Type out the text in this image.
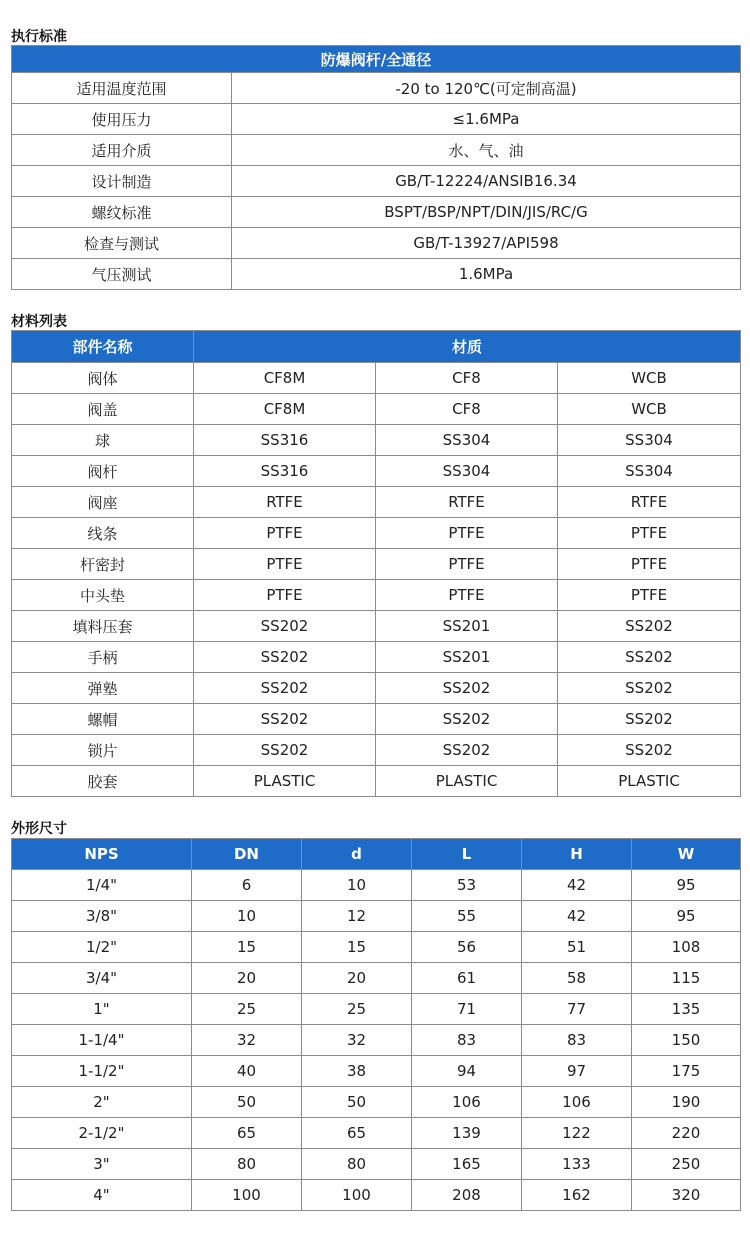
执行标准
防爆阀杆/全通径	
适用温度范围	-20 to 120℃(可定制高温)
使用压力	≤1.6MPa
适用介质	水、气、油
设计制造	GB/T-12224/ANSIB16.34
螺纹标准	BSPT/BSP/NPT/DIN/JIS/RC/G
检查与测试	GB/T-13927/API598
气压测试	1.6MPa
材料列表
部件名称	材质		
阀体	CF8M	CF8	WCB
阀盖	CF8M	CF8	WCB
球	SS316	SS304	SS304
阀杆	SS316	SS304	SS304
阀座	RTFE	RTFE	RTFE
线条	PTFE	PTFE	PTFE
杆密封	PTFE	PTFE	PTFE
中头垫	PTFE	PTFE	PTFE
填料压套	SS202	SS201	SS202
手柄	SS202	SS201	SS202
弹塾	SS202	SS202	SS202
螺帽	SS202	SS202	SS202
锁片	SS202	SS202	SS202
胶套	PLASTIC	PLASTIC	PLASTIC
外形尺寸
NPS	DN	d	L	H	W
1/4"	6	10	53	42	95
3/8"	10	12	55	42	95
1/2"	15	15	56	51	108
3/4"	20	20	61	58	115
1"	25	25	71	77	135
1-1/4"	32	32	83	83	150
1-1/2"	40	38	94	97	175
2"	50	50	106	106	190
2-1/2"	65	65	139	122	220
3"	80	80	165	133	250
4"	100	100	208	162	320
